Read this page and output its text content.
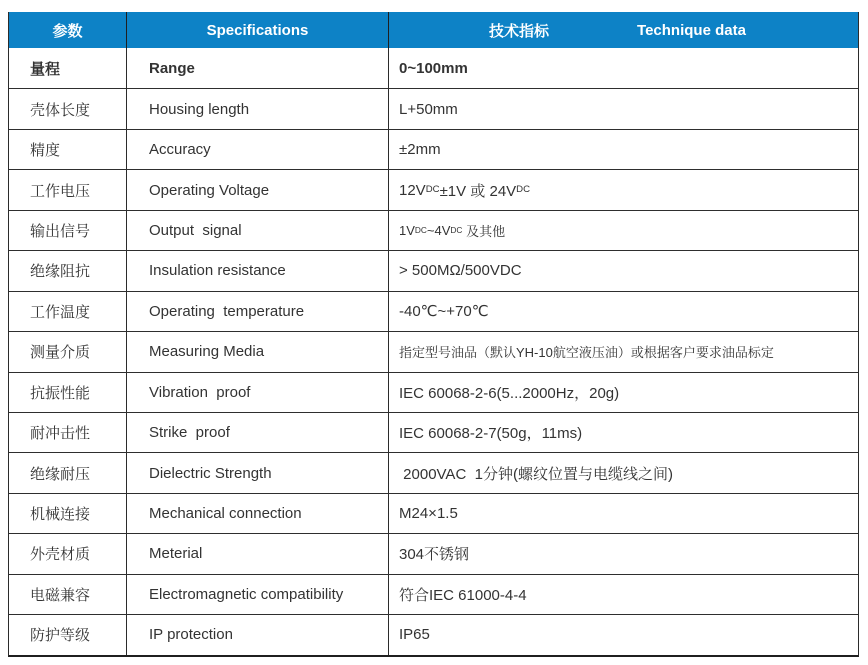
参数	Specifications	技术指标	Technique data
量程	Range	0~100mm
壳体长度	Housing length	L+50mm
精度	Accuracy	±2mm
工作电压	Operating Voltage	12V DC ±1V 或 24V DC
输出信号	Output  signal	1V DC ~4V DC 及其他
绝缘阻抗	Insulation resistance	> 500MΩ/500VDC
工作温度	Operating  temperature	-40℃~+70℃
测量介质	Measuring Media	指定型号油品（默认YH-10航空液压油）或根据客户要求油品标定
抗振性能	Vibration  proof	IEC 60068-2-6(5...2000Hz，20g)
耐冲击性	Strike  proof	IEC 60068-2-7(50g，11ms)
绝缘耐压	Dielectric Strength	2000VAC  1分钟(螺纹位置与电缆线之间)
机械连接	Mechanical connection	M24×1.5
外壳材质	Meterial	304不锈钢
电磁兼容	Electromagnetic compatibility	符合IEC 61000-4-4
防护等级	IP protection	IP65
